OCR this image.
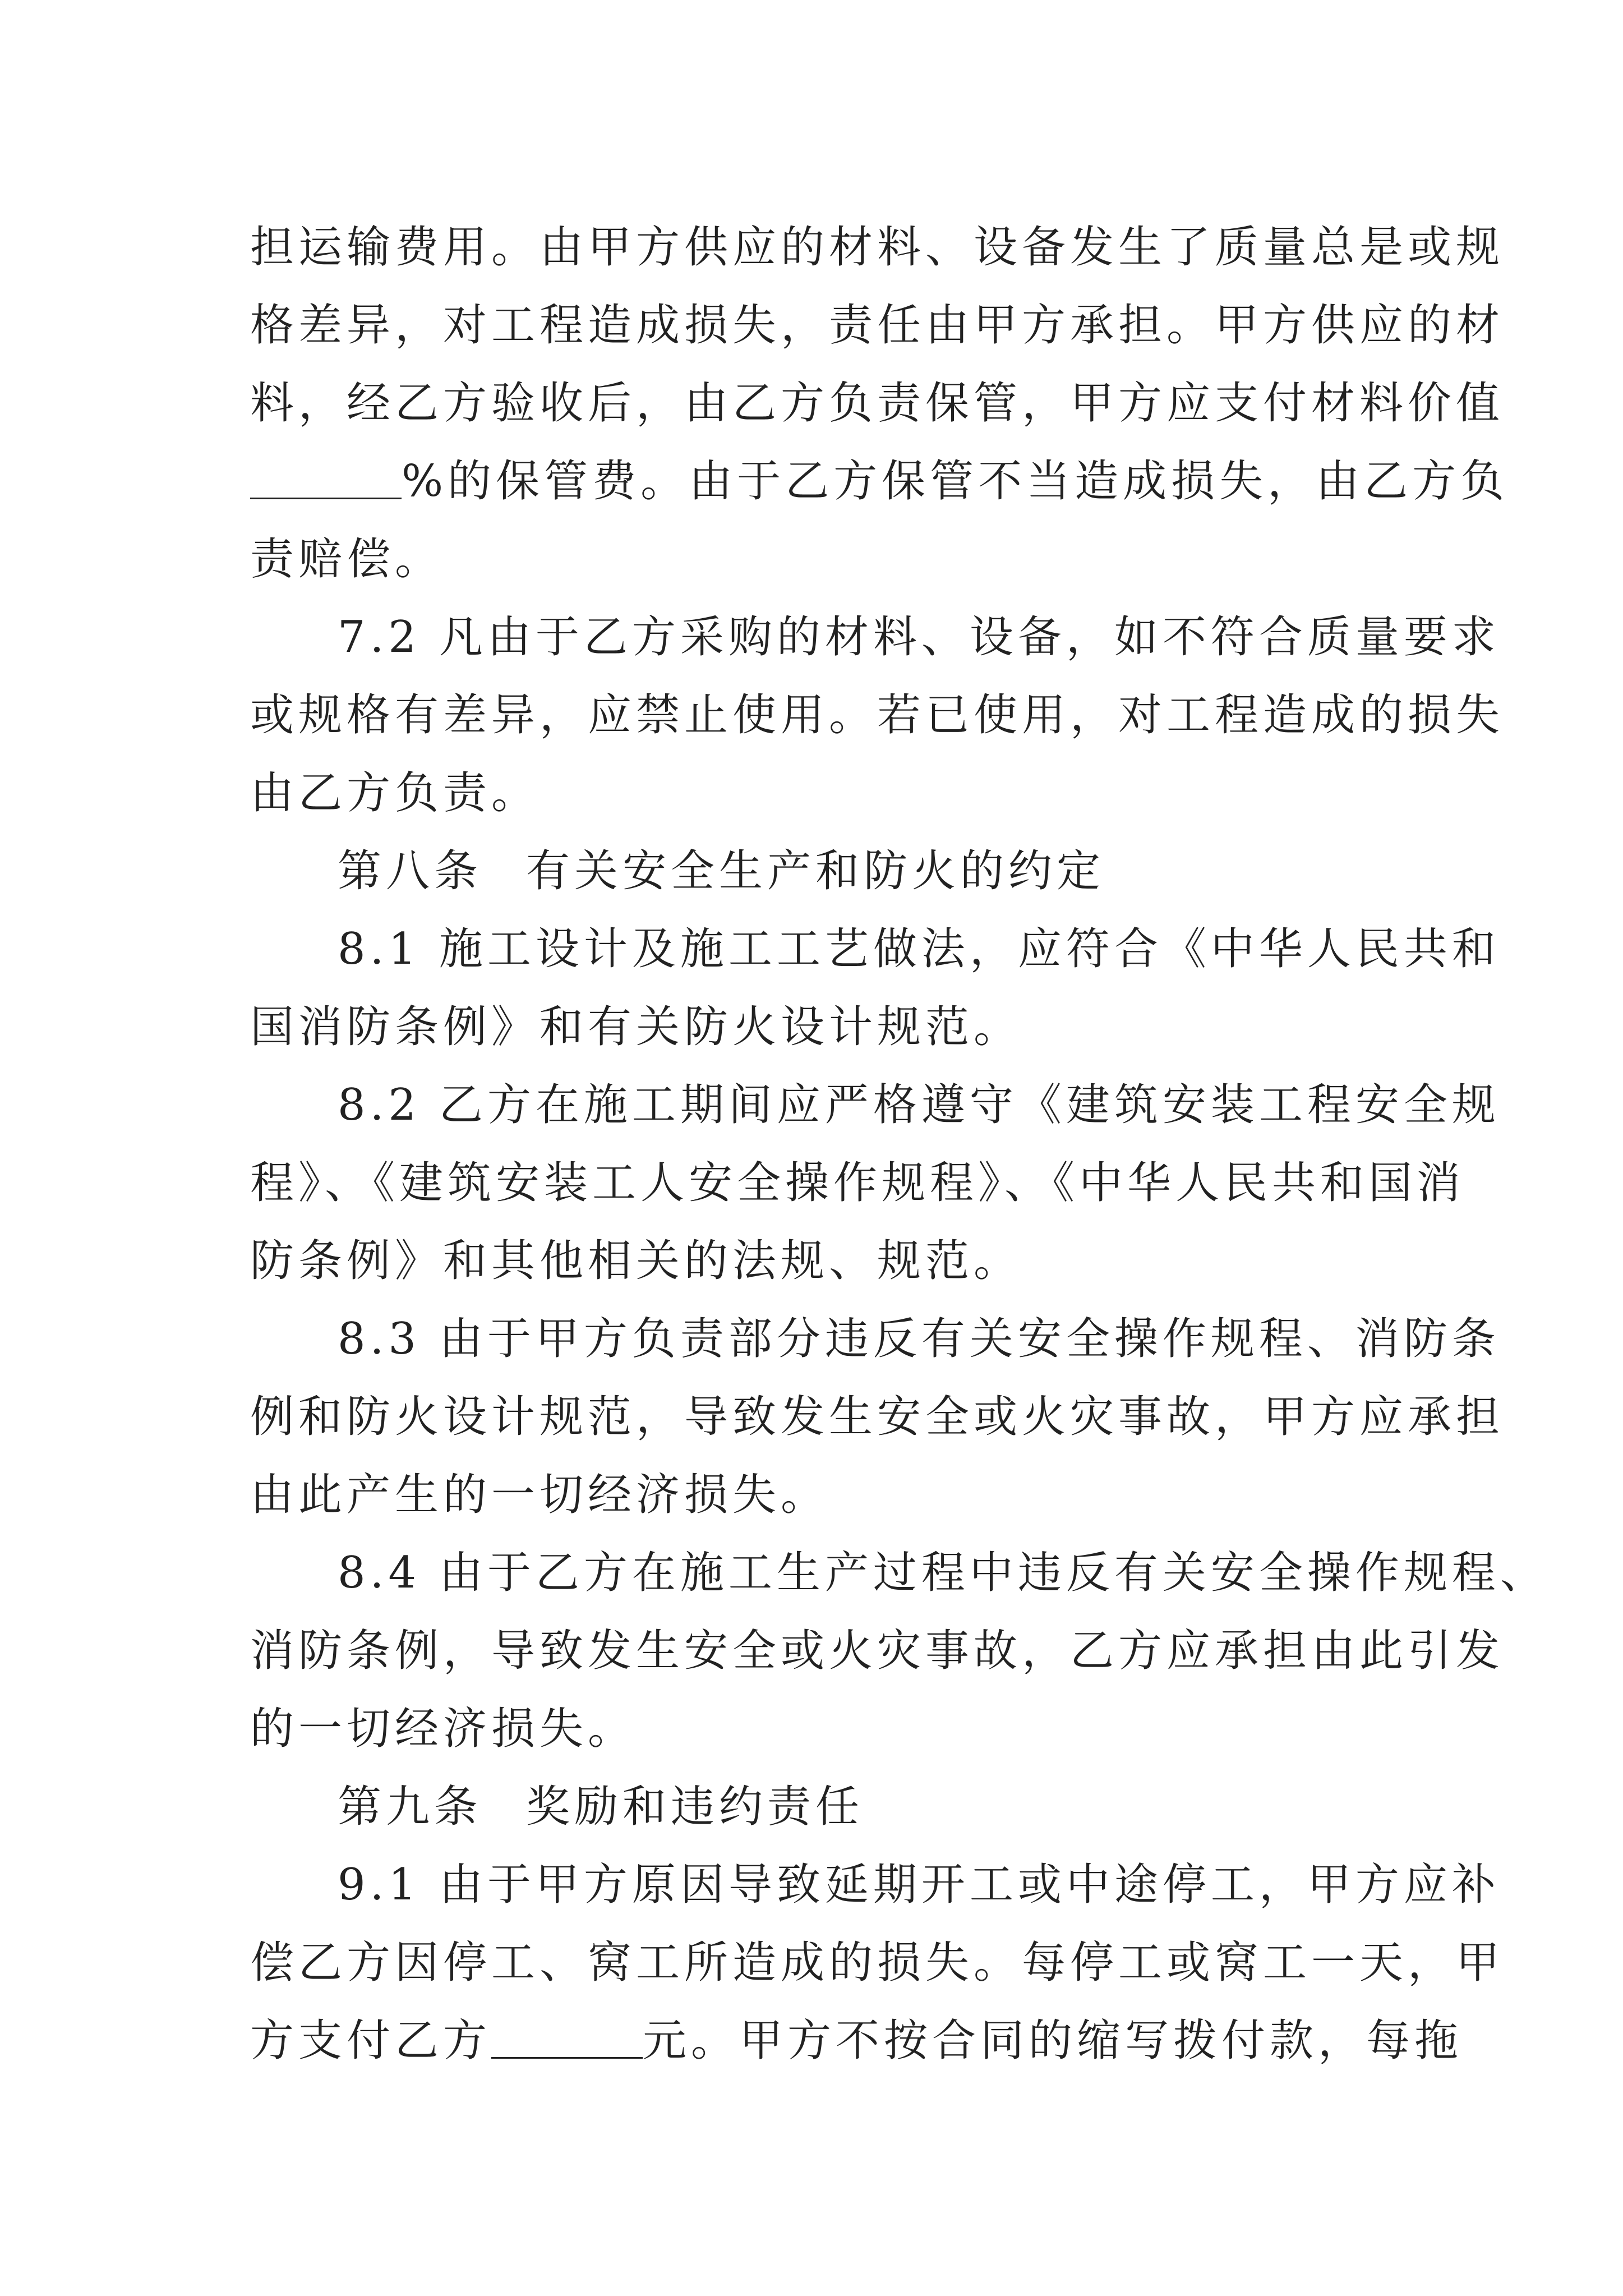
担运输费用。由甲方供应的材料、设备发生了质量总是或规
格差异，对工程造成损失，责任由甲方承担。甲方供应的材
料，经乙方验收后，由乙方负责保管，甲方应支付材料价值
%的保管费。由于乙方保管不当造成损失，由乙方负
责赔偿。
7.2 凡由于乙方采购的材料、设备，如不符合质量要求
或规格有差异，应禁止使用。若已使用，对工程造成的损失
由乙方负责。
第八条 有关安全生产和防火的约定
8.1 施工设计及施工工艺做法，应符合《中华人民共和
国消防条例》和有关防火设计规范。
8.2 乙方在施工期间应严格遵守《建筑安装工程安全规
程》、《建筑安装工人安全操作规程》、《中华人民共和国消
防条例》和其他相关的法规、规范。
8.3 由于甲方负责部分违反有关安全操作规程、消防条
例和防火设计规范，导致发生安全或火灾事故，甲方应承担
由此产生的一切经济损失。
8.4 由于乙方在施工生产过程中违反有关安全操作规程、
消防条例，导致发生安全或火灾事故，乙方应承担由此引发
的一切经济损失。
第九条 奖励和违约责任
9.1 由于甲方原因导致延期开工或中途停工，甲方应补
偿乙方因停工、窝工所造成的损失。每停工或窝工一天，甲
方支付乙方	元。甲方不按合同的缩写拨付款，每拖
